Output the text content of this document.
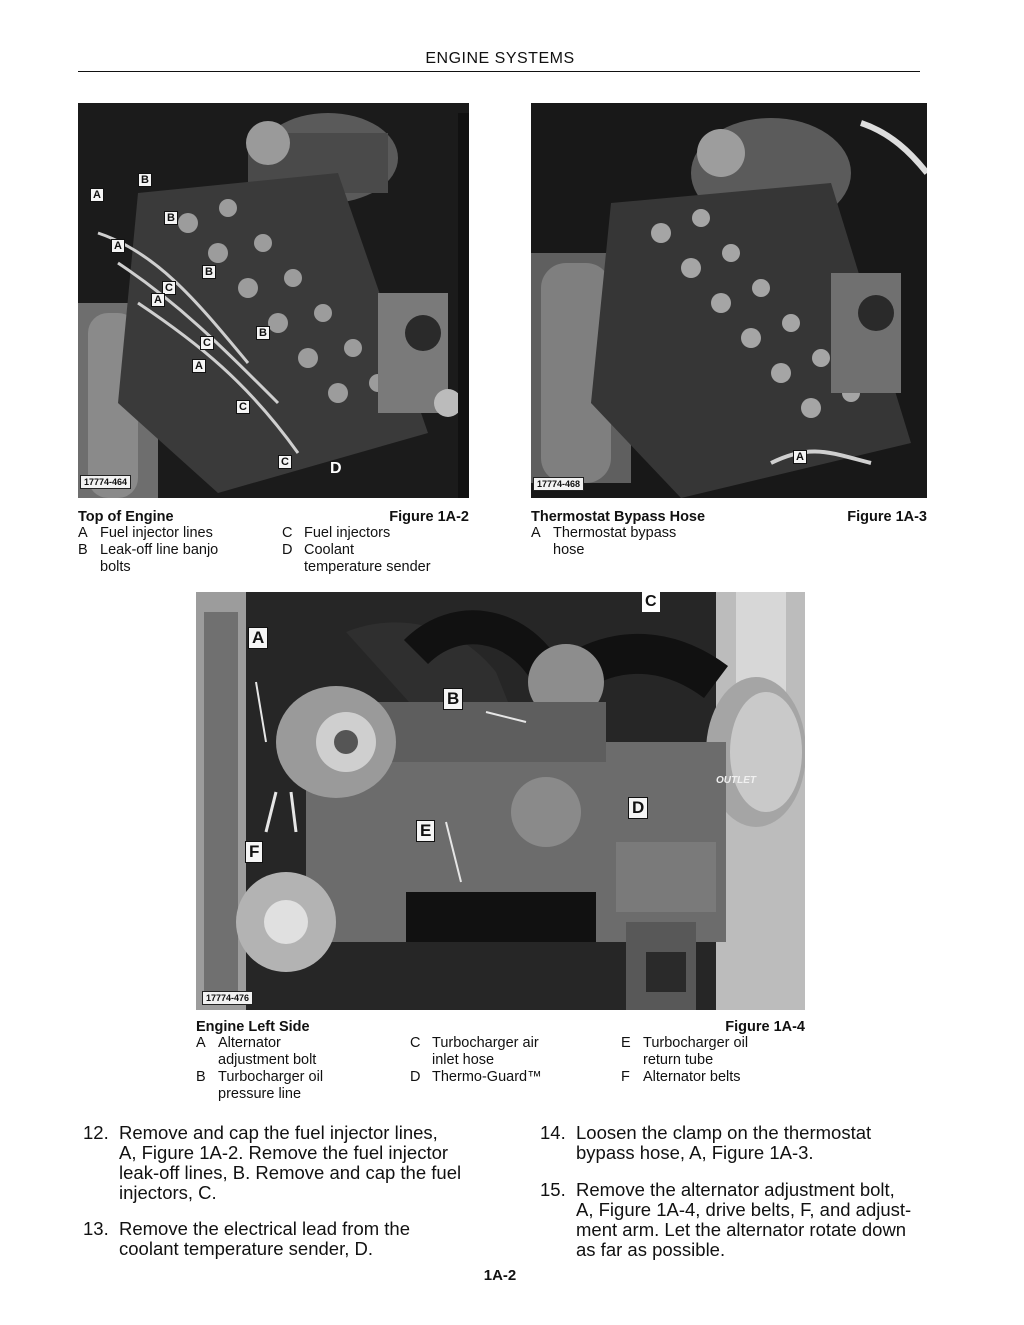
ENGINE SYSTEMS
A
B
B
A
B
C
A
B
C
A
C
C	D
17774-464
A
17774-468
Top of Engine	Figure 1A-2
A Fuel injector lines
B Leak-off line banjo
bolts
C Fuel injectors
D Coolant
temperature sender
Thermostat Bypass Hose	Figure 1A-3
A Thermostat bypass
hose
A
B
C
D
E
F
OUTLET
17774-476
Engine Left Side	Figure 1A-4
A Alternator
adjustment bolt
B Turbocharger oil
pressure line
C Turbocharger air
inlet hose
D Thermo-Guard™
E Turbocharger oil
return tube
F Alternator belts
12. Remove and cap the fuel injector lines,
A, Figure 1A-2. Remove the fuel injector
leak-off lines, B. Remove and cap the fuel
injectors, C.
13. Remove the electrical lead from the
coolant temperature sender, D.
14. Loosen the clamp on the thermostat
bypass hose, A, Figure 1A-3.
15. Remove the alternator adjustment bolt,
A, Figure 1A-4, drive belts, F, and adjust-
ment arm. Let the alternator rotate down
as far as possible.
1A-2
